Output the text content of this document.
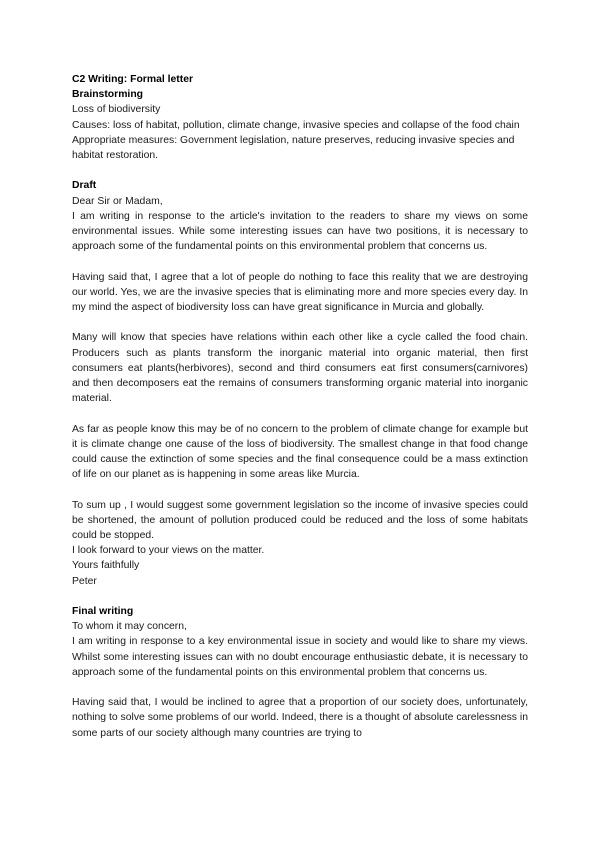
C2 Writing: Formal letter

Brainstorming

Loss of biodiversity

Causes: loss of habitat, pollution, climate change, invasive species and collapse of the food chain

Appropriate measures: Government legislation, nature preserves, reducing invasive species and habitat restoration.

Draft

Dear Sir or Madam,

I am writing in response to the article's invitation to the readers to share my views on some environmental issues. While some interesting issues can have two positions, it is necessary to approach some of the fundamental points on this environmental problem that concerns us.

Having said that, I agree that a lot of people do nothing to face this reality that we are destroying our world. Yes, we are the invasive species that is eliminating more and more species every day. In my mind the aspect of biodiversity loss can have great significance in Murcia and globally.

Many will know that species have relations within each other like a cycle called the food chain. Producers such as plants transform the inorganic material into organic material, then first consumers eat plants(herbivores), second and third consumers eat first consumers(carnivores) and then decomposers eat the remains of consumers transforming organic material into inorganic material.

As far as people know this may be of no concern to the problem of climate change for example but it is climate change one cause of the loss of biodiversity. The smallest change in that food change could cause the extinction of some species and the final consequence could be a mass extinction of life on our planet as is happening in some areas like Murcia.

To sum up , I would suggest some government legislation so the income of invasive species could be shortened, the amount of pollution produced could be reduced and the loss of some habitats could be stopped.

I look forward to your views on the matter.

Yours faithfully

Peter

Final writing

To whom it may concern,

I am writing in response to a key environmental issue in society and would like to share my views. Whilst some interesting issues can with no doubt encourage enthusiastic debate, it is necessary to approach some of the fundamental points on this environmental problem that concerns us.

Having said that, I would be inclined to agree that a proportion of our society does, unfortunately, nothing to solve some problems of our world. Indeed, there is a thought of absolute carelessness in some parts of our society although many countries are trying to
